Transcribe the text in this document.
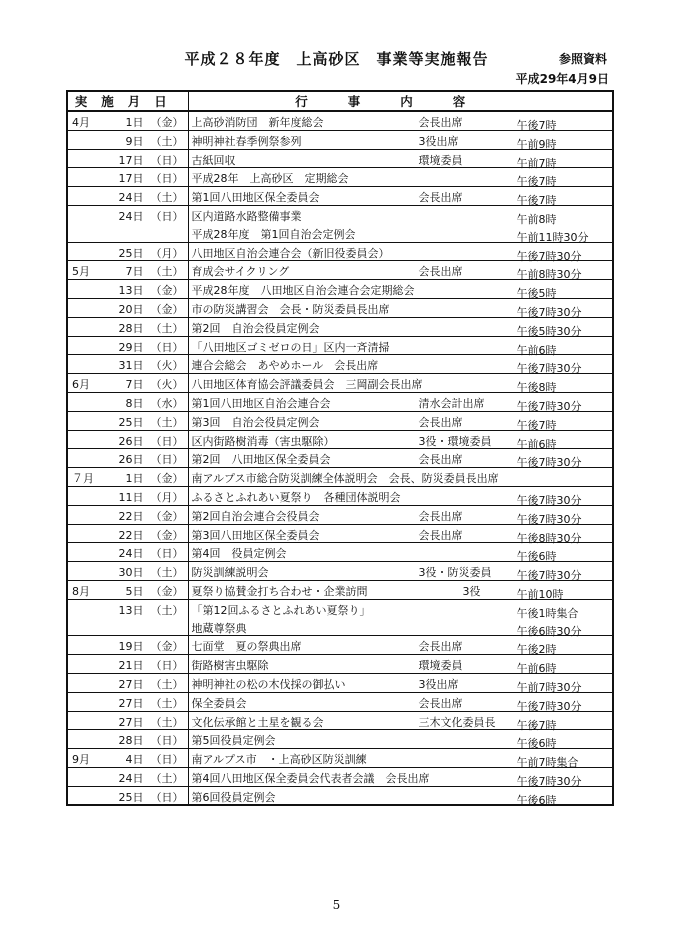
平成２８年度　上高砂区　事業等実施報告	参照資料
平成29年4月9日
実施月日	行事内容

4月 1日 （金）	上高砂消防団　新年度総会 会長出席 午後7時

9日 （土）	神明神社春季例祭参列 3役出席 午前9時

17日 （日）	古紙回収 環境委員 午前7時

17日 （日）	平成28年　上高砂区　定期総会 午後7時

24日 （土）	第1回八田地区保全委員会 会長出席 午後7時

24日 （日）	区内道路水路整備事業 午前8時

	平成28年度　第1回自治会定例会 午前11時30分

25日 （月）	八田地区自治会連合会（新旧役委員会） 午後7時30分

5月 7日 （土）	育成会サイクリング 会長出席 午前8時30分

13日 （金）	平成28年度　八田地区自治会連合会定期総会 午後5時

20日 （金）	市の防災講習会　会長・防災委員長出席 午後7時30分

28日 （土）	第2回　自治会役員定例会 午後5時30分

29日 （日）	「八田地区ゴミゼロの日」区内一斉清掃 午前6時

31日 （火）	連合会総会　あやめホール　会長出席 午後7時30分

6月 7日 （火）	八田地区体育協会評議委員会　三岡副会長出席 午後8時

8日 （水）	第1回八田地区自治会連合会 清水会計出席 午後7時30分

25日 （土）	第3回　自治会役員定例会 会長出席 午後7時

26日 （日）	区内街路樹消毒（害虫駆除） 3役・環境委員 午前6時

26日 （日）	第2回　八田地区保全委員会 会長出席 午後7時30分

７月 1日 （金）	南アルプス市総合防災訓練全体説明会　会長、防災委員長出席

11日 （月）	ふるさとふれあい夏祭り　各種団体説明会 午後7時30分

22日 （金）	第2回自治会連合会役員会 会長出席 午後7時30分

22日 （金）	第3回八田地区保全委員会 会長出席 午後8時30分

24日 （日）	第4回　役員定例会 午後6時

30日 （土）	防災訓練説明会 3役・防災委員 午後7時30分

8月 5日 （金）	夏祭り協賛金打ち合わせ・企業訪問 　　　　3役 午前10時

13日 （土）	「第12回ふるさとふれあい夏祭り」 午後1時集合

	地蔵尊祭典 午後6時30分

19日 （金）	七面堂　夏の祭典出席 会長出席 午後2時

21日 （日）	街路樹害虫駆除 環境委員 午前6時

27日 （土）	神明神社の松の木伐採の御払い 3役出席 午前7時30分

27日 （土）	保全委員会 会長出席 午後7時30分

27日 （土）	文化伝承館と土星を観る会 三木文化委員長 午後7時

28日 （日）	第5回役員定例会 午後6時

9月 4日 （日）	南アルプス市　・上高砂区防災訓練 午前7時集合

24日 （土）	第4回八田地区保全委員会代表者会議　会長出席 午後7時30分

25日 （日）	第6回役員定例会 午後6時
5
